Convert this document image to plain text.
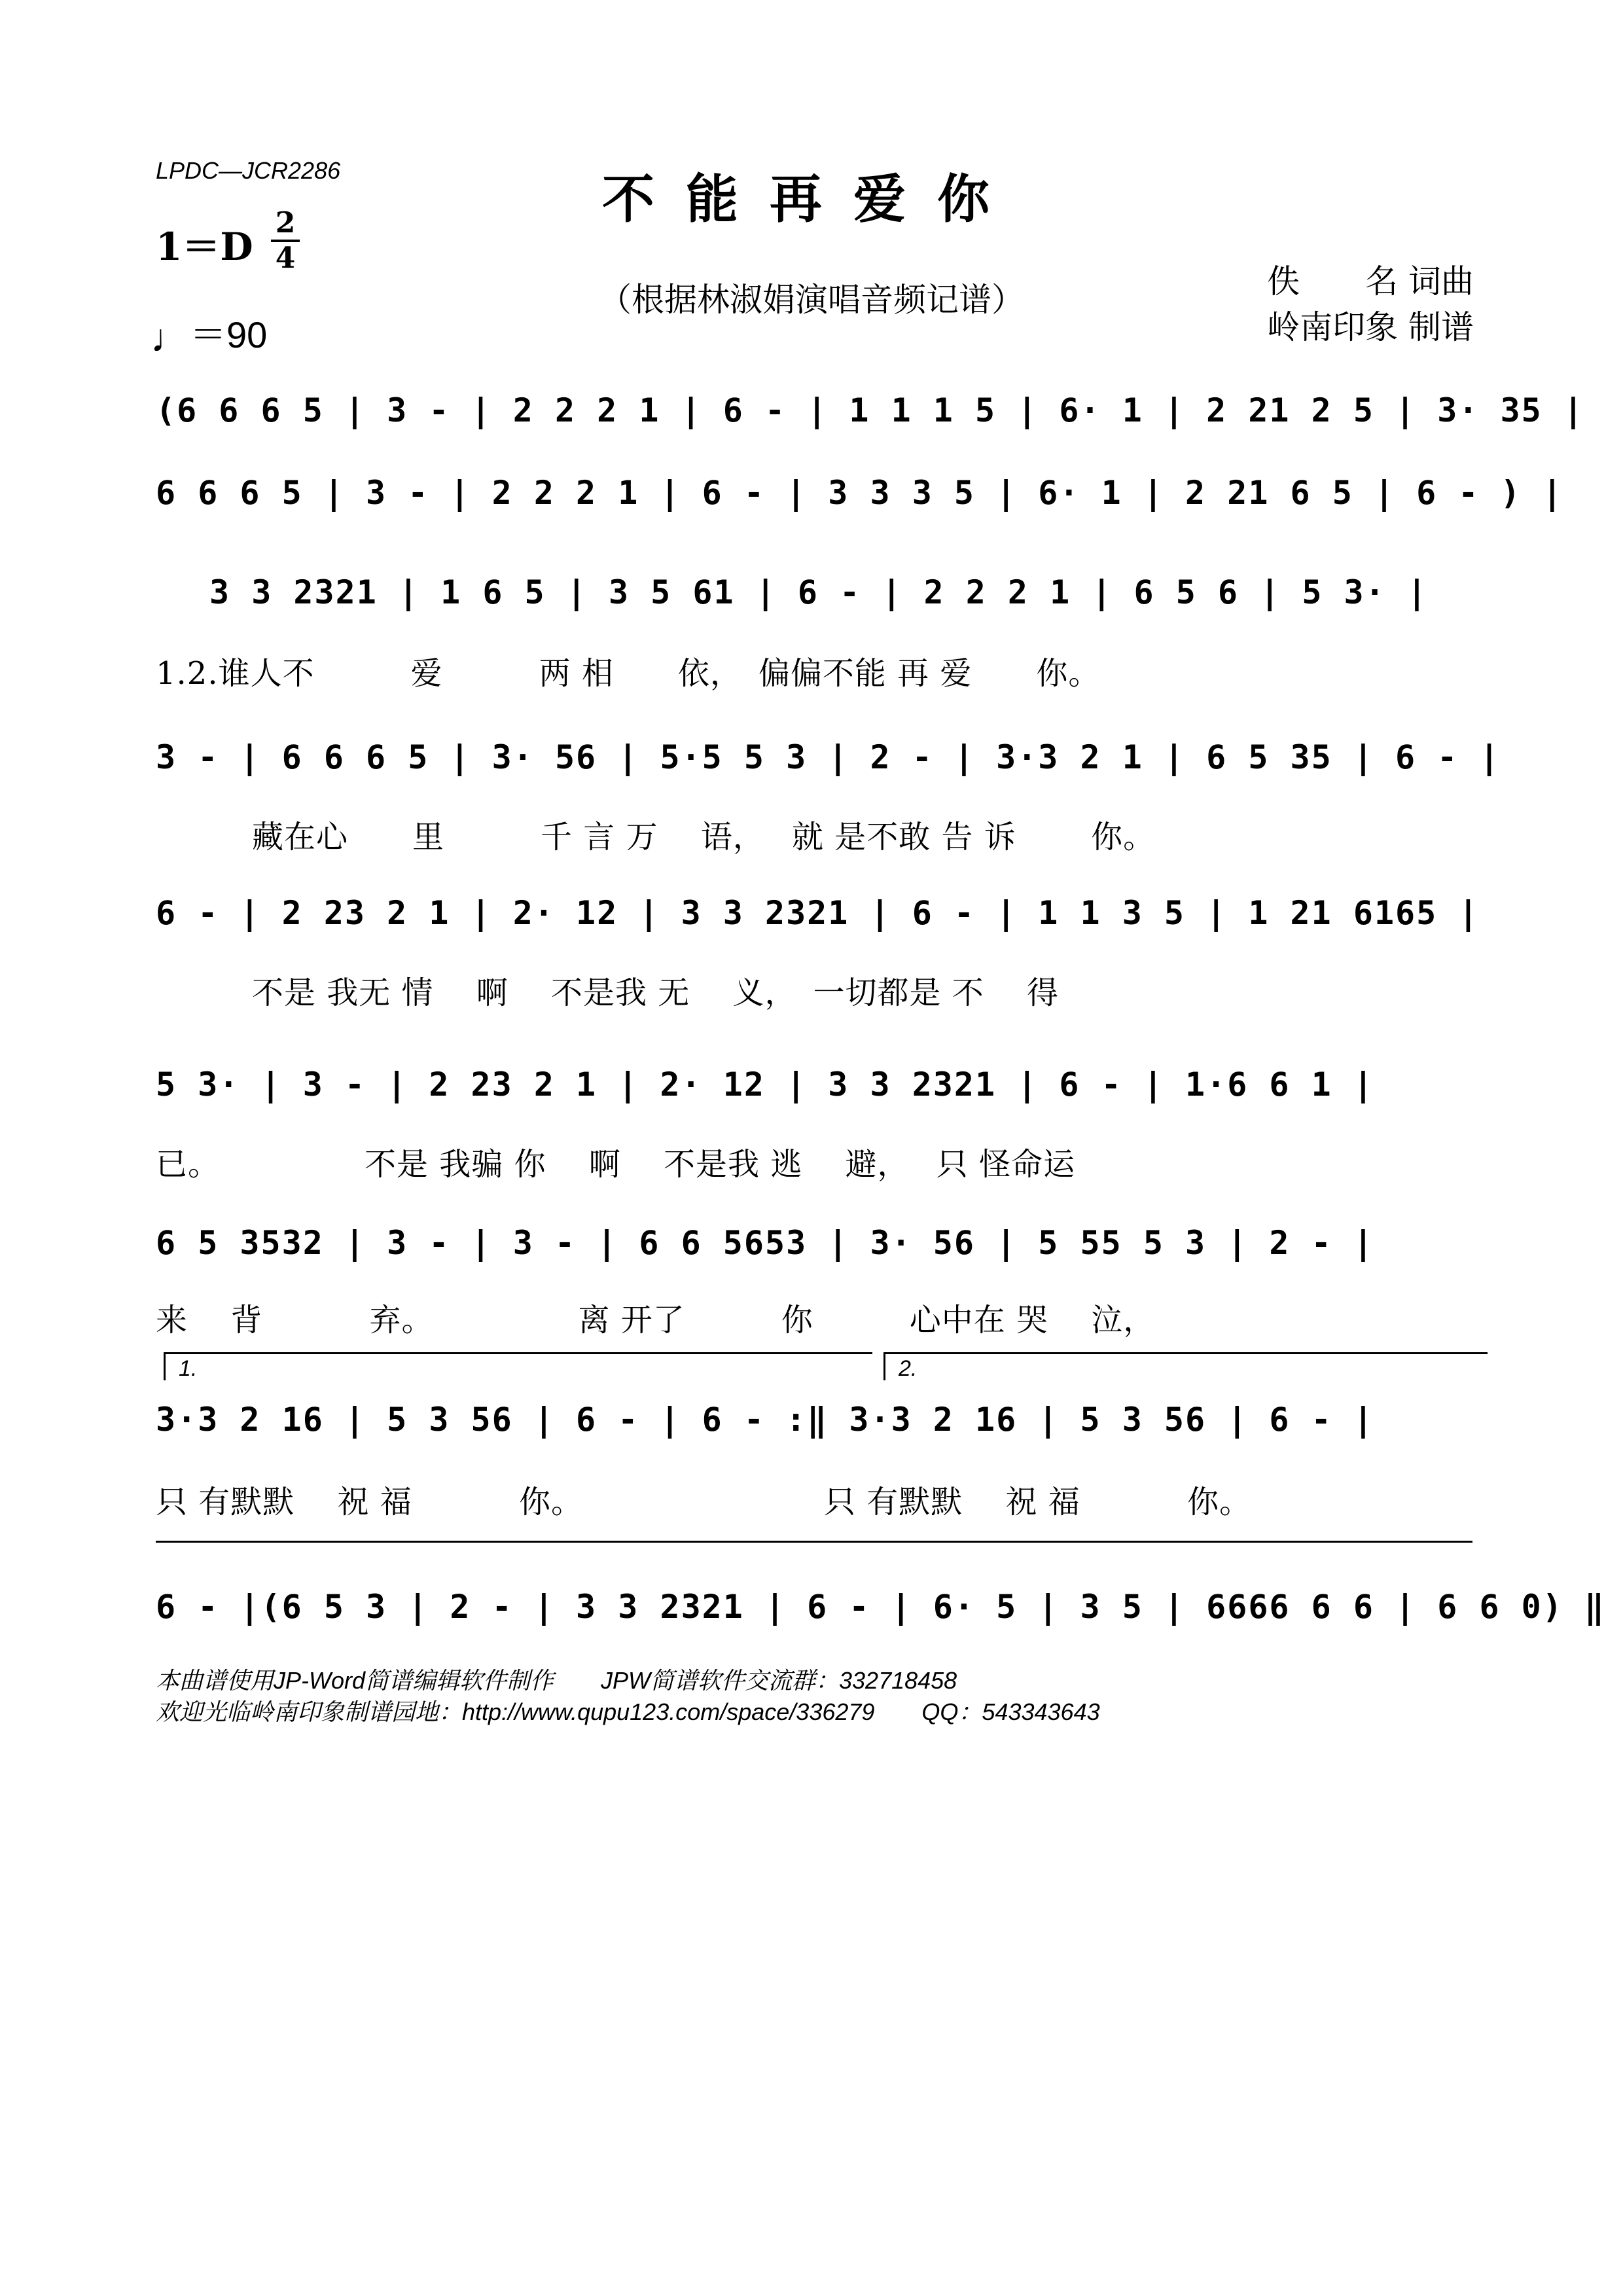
LPDC—JCR2286	不能再爱你
1＝D
2
4
♩＝90
（根据林淑娟演唱音频记谱）	佚　　名 词曲
岭南印象 制谱
(6 6 6 5 | 3 - | 2 2 2 1 | 6 - | 1 1 1 5 | 6· 1 | 2 21 2 5 | 3· 35 |
6 6 6 5 | 3 - | 2 2 2 1 | 6 - | 3 3 3 5 | 6· 1 | 2 21 6 5 | 6 - ) |
3 3 2321 | 1 6 5 | 3 5 61 | 6 - | 2 2 2 1 | 6 5 6 | 5 3· |
1.2.谁人不　　　爱　　　两 相　　依，　偏偏不能 再 爱　　你。
3 - | 6 6 6 5 | 3· 56 | 5·5 5 3 | 2 - | 3·3 2 1 | 6 5 35 | 6 - |
　　　藏在心　　里　　　千 言 万　 语，　 就 是不敢 告 诉　　 你。
6 - | 2 23 2 1 | 2· 12 | 3 3 2321 | 6 - | 1 1 3 5 | 1 21 6165 |
　　　不是 我无 情　 啊　 不是我 无　 义，　一切都是 不　 得
5 3· | 3 - | 2 23 2 1 | 2· 12 | 3 3 2321 | 6 - | 1·6 6 1 |
已。　　　　　不是 我骗 你　 啊　 不是我 逃　 避，　 只 怪命运
6 5 3532 | 3 - | 3 - | 6 6 5653 | 3· 56 | 5 55 5 3 | 2 - |
来　 背　　　 弃。　　　　　离 开了　　　你　　　心中在 哭　 泣，
1.	2.
3·3 2 16 | 5 3 56 | 6 - | 6 - :‖ 3·3 2 16 | 5 3 56 | 6 - |
只 有默默　 祝 福　　　 你。　　　　　　　　只 有默默　 祝 福　　　 你。
6 - |(6 5 3 | 2 - | 3 3 2321 | 6 - | 6· 5 | 3 5 | 6666 6 6 | 6 6 0) ‖
本曲谱使用JP-Word简谱编辑软件制作　　JPW简谱软件交流群：332718458
欢迎光临岭南印象制谱园地：http://www.qupu123.com/space/336279　　QQ：543343643
